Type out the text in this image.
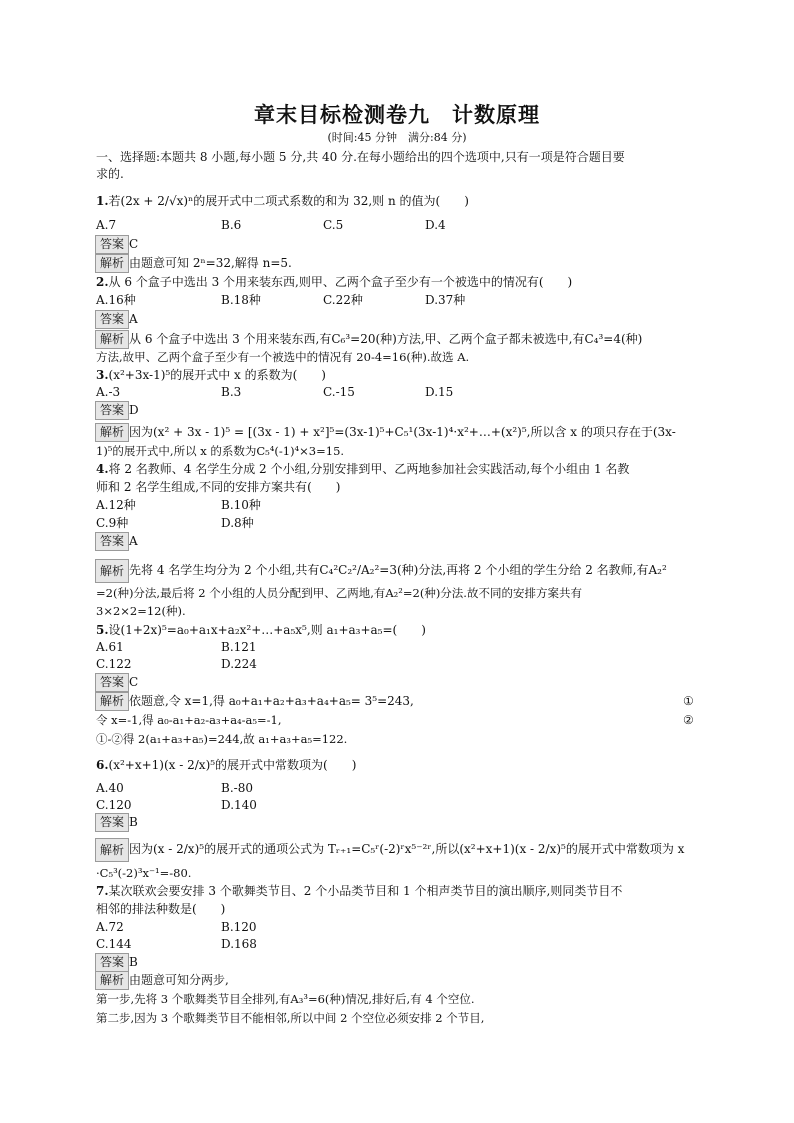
章末目标检测卷九　计数原理
(时间:45 分钟　满分:84 分)
一、选择题:本题共 8 小题,每小题 5 分,共 40 分.在每小题给出的四个选项中,只有一项是符合题目要
求的.
1.若(2x + 2/√x)ⁿ的展开式中二项式系数的和为 32,则 n 的值为(　　)
A.7	B.6	C.5	D.4
答案 C
解析 由题意可知 2ⁿ=32,解得 n=5.
2.从 6 个盒子中选出 3 个用来装东西,则甲、乙两个盒子至少有一个被选中的情况有(　　)
A.16种	B.18种	C.22种	D.37种
答案 A
解析 从 6 个盒子中选出 3 个用来装东西,有C₆³=20(种)方法,甲、乙两个盒子都未被选中,有C₄³=4(种)
方法,故甲、乙两个盒子至少有一个被选中的情况有 20-4=16(种).故选 A.
3.(x²+3x-1)⁵的展开式中 x 的系数为(　　)
A.-3	B.3	C.-15	D.15
答案 D
解析 因为(x² + 3x - 1)⁵ = [(3x - 1) + x²]⁵=(3x-1)⁵+C₅¹(3x-1)⁴·x²+…+(x²)⁵,所以含 x 的项只存在于(3x-
1)⁵的展开式中,所以 x 的系数为C₅⁴(-1)⁴×3=15.
4.将 2 名教师、4 名学生分成 2 个小组,分别安排到甲、乙两地参加社会实践活动,每个小组由 1 名教
师和 2 名学生组成,不同的安排方案共有(　　)
A.12种	B.10种
C.9种	D.8种
答案 A
解析 先将 4 名学生均分为 2 个小组,共有C₄²C₂²/A₂²=3(种)分法,再将 2 个小组的学生分给 2 名教师,有A₂²
=2(种)分法,最后将 2 个小组的人员分配到甲、乙两地,有A₂²=2(种)分法.故不同的安排方案共有
3×2×2=12(种).
5.设(1+2x)⁵=a₀+a₁x+a₂x²+…+a₅x⁵,则 a₁+a₃+a₅=(　　)
A.61	B.121
C.122	D.224
答案 C
解析 依题意,令 x=1,得 a₀+a₁+a₂+a₃+a₄+a₅= 3⁵=243,	①
令 x=-1,得 a₀-a₁+a₂-a₃+a₄-a₅=-1,	②
①-②得 2(a₁+a₃+a₅)=244,故 a₁+a₃+a₅=122.
6.(x²+x+1)(x - 2/x)⁵的展开式中常数项为(　　)
A.40	B.-80
C.120	D.140
答案 B
解析 因为(x - 2/x)⁵的展开式的通项公式为 Tᵣ₊₁=C₅ʳ(-2)ʳx⁵⁻²ʳ,所以(x²+x+1)(x - 2/x)⁵的展开式中常数项为 x
·C₅³(-2)³x⁻¹=-80.
7.某次联欢会要安排 3 个歌舞类节目、2 个小品类节目和 1 个相声类节目的演出顺序,则同类节目不
相邻的排法种数是(　　)
A.72	B.120
C.144	D.168
答案 B
解析 由题意可知分两步,
第一步,先将 3 个歌舞类节目全排列,有A₃³=6(种)情况,排好后,有 4 个空位.
第二步,因为 3 个歌舞类节目不能相邻,所以中间 2 个空位必须安排 2 个节目,
